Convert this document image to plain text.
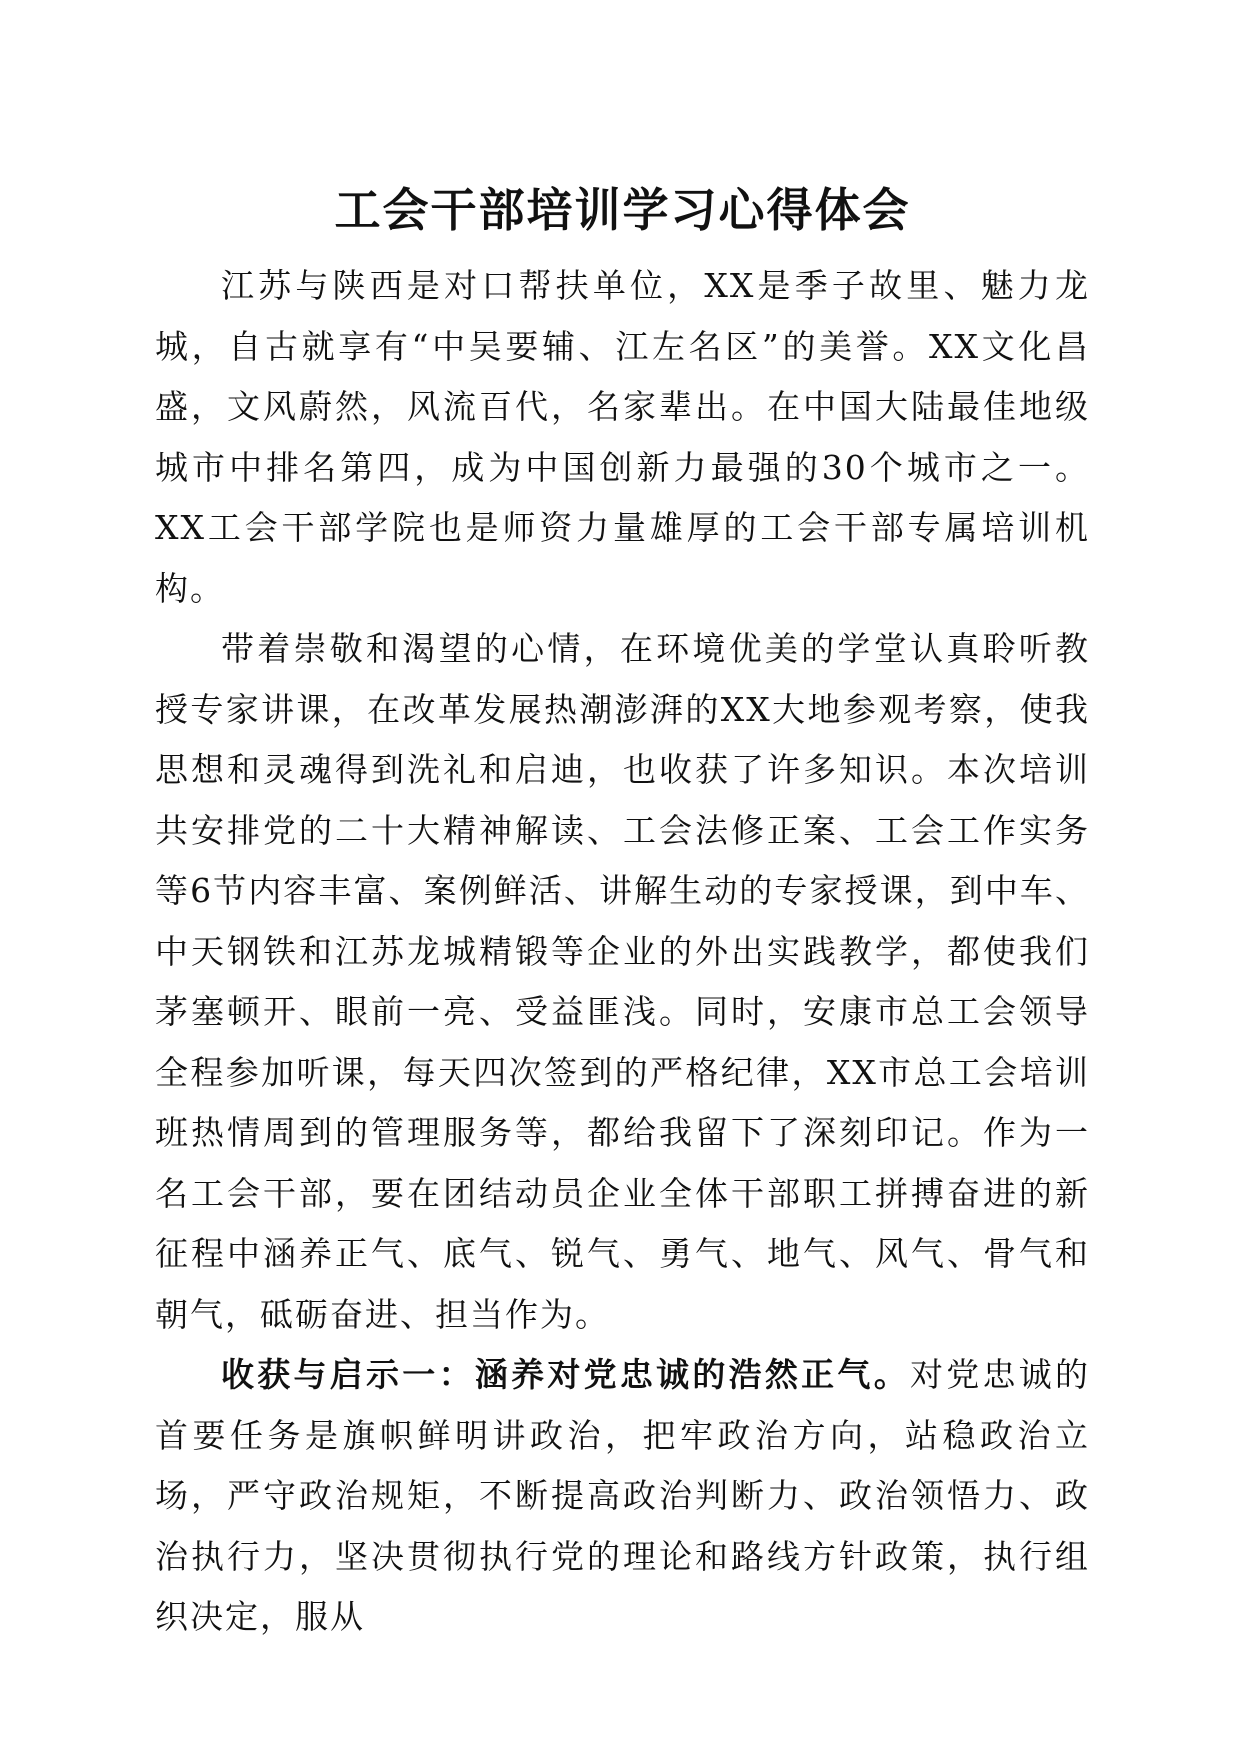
工会干部培训学习心得体会

江苏与陕西是对口帮扶单位，XX是季子故里、魅力龙城，自古就享有“中吴要辅、江左名区”的美誉。XX文化昌盛，文风蔚然，风流百代，名家辈出。在中国大陆最佳地级城市中排名第四，成为中国创新力最强的30个城市之一。XX工会干部学院也是师资力量雄厚的工会干部专属培训机构。

带着崇敬和渴望的心情，在环境优美的学堂认真聆听教授专家讲课，在改革发展热潮澎湃的XX大地参观考察，使我思想和灵魂得到洗礼和启迪，也收获了许多知识。本次培训共安排党的二十大精神解读、工会法修正案、工会工作实务等6节内容丰富、案例鲜活、讲解生动的专家授课，到中车、中天钢铁和江苏龙城精锻等企业的外出实践教学，都使我们茅塞顿开、眼前一亮、受益匪浅。同时，安康市总工会领导全程参加听课，每天四次签到的严格纪律，XX市总工会培训班热情周到的管理服务等，都给我留下了深刻印记。作为一名工会干部，要在团结动员企业全体干部职工拼搏奋进的新征程中涵养正气、底气、锐气、勇气、地气、风气、骨气和朝气，砥砺奋进、担当作为。

收获与启示一：涵养对党忠诚的浩然正气。对党忠诚的首要任务是旗帜鲜明讲政治，把牢政治方向，站稳政治立场，严守政治规矩，不断提高政治判断力、政治领悟力、政治执行力，坚决贯彻执行党的理论和路线方针政策，执行组织决定，服从
